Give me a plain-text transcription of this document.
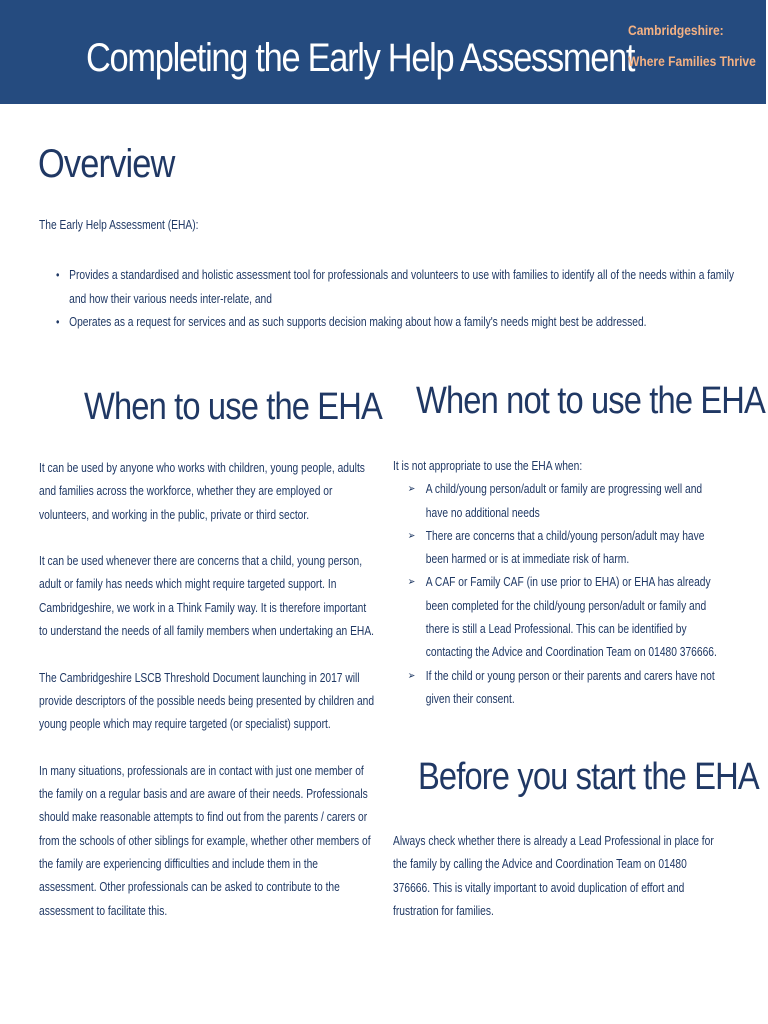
Completing the Early Help Assessment
Cambridgeshire:
Where Families Thrive
Overview
The Early Help Assessment (EHA):
• Provides a standardised and holistic assessment tool for professionals and volunteers to use with families to identify all of the needs within a family and how their various needs inter-relate, and
• Operates as a request for services and as such supports decision making about how a family's needs might best be addressed.
When to use the EHA When not to use the EHA

It can be used by anyone who works with children, young people, adults and families across the workforce, whether they are employed or volunteers, and working in the public, private or third sector.

It can be used whenever there are concerns that a child, young person, adult or family has needs which might require targeted support. In Cambridgeshire, we work in a Think Family way. It is therefore important to understand the needs of all family members when undertaking an EHA.

The Cambridgeshire LSCB Threshold Document launching in 2017 will provide descriptors of the possible needs being presented by children and young people which may require targeted (or specialist) support.

In many situations, professionals are in contact with just one member of the family on a regular basis and are aware of their needs. Professionals should make reasonable attempts to find out from the parents / carers or from the schools of other siblings for example, whether other members of the family are experiencing difficulties and include them in the assessment. Other professionals can be asked to contribute to the assessment to facilitate this.

It is not appropriate to use the EHA when:

➢ A child/young person/adult or family are progressing well and have no additional needs
➢ There are concerns that a child/young person/adult may have been harmed or is at immediate risk of harm.
➢ A CAF or Family CAF (in use prior to EHA) or EHA has already been completed for the child/young person/adult or family and there is still a Lead Professional. This can be identified by contacting the Advice and Coordination Team on 01480 376666.
➢ If the child or young person or their parents and carers have not given their consent.
Before you start the EHA
Always check whether there is already a Lead Professional in place for the family by calling the Advice and Coordination Team on 01480 376666. This is vitally important to avoid duplication of effort and frustration for families.
